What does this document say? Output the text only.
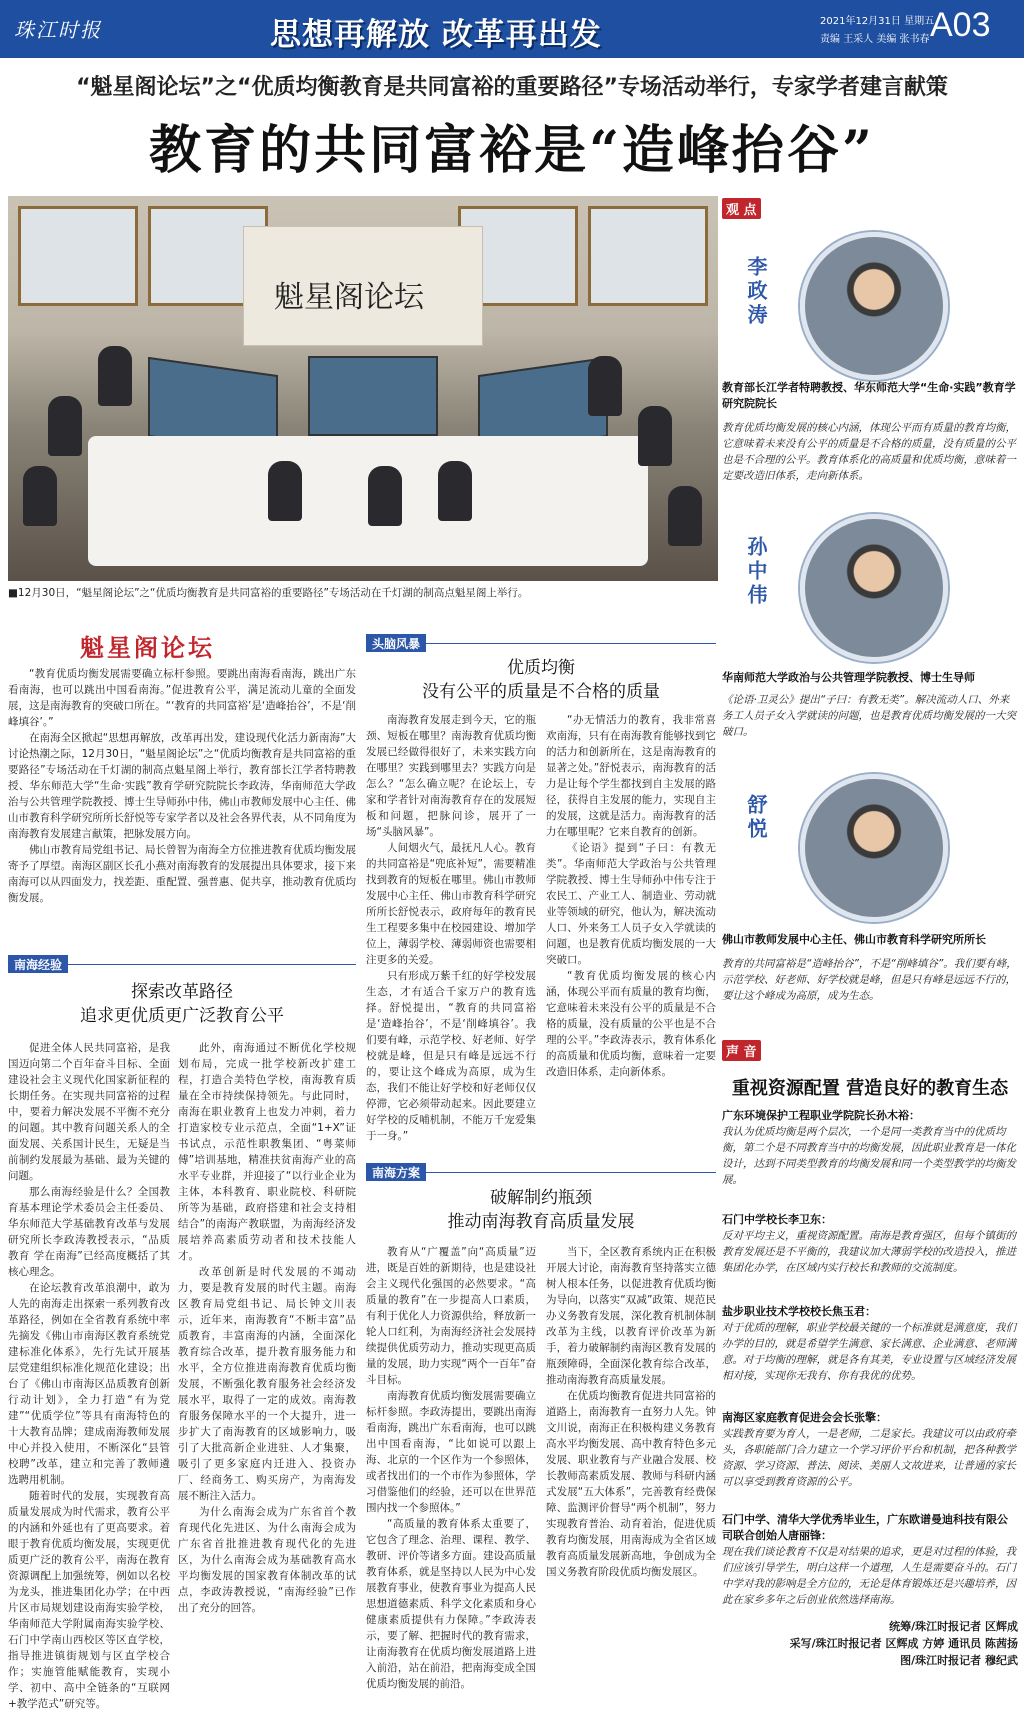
珠江时报	思想再解放 改革再出发	2021年12月31日 星期五
责编 王采人 美编 张书春 A03
“魁星阁论坛”之“优质均衡教育是共同富裕的重要路径”专场活动举行，专家学者建言献策
教育的共同富裕是“造峰抬谷”
魁星阁论坛
■12月30日，“魁星阁论坛”之“优质均衡教育是共同富裕的重要路径”专场活动在千灯湖的制高点魁星阁上举行。
观 点
李政涛
教育部长江学者特聘教授、华东师范大学“生命·实践”教育学研究院院长
教育优质均衡发展的核心内涵，体现公平而有质量的教育均衡，它意味着未来没有公平的质量是不合格的质量，没有质量的公平也是不合理的公平。教育体系化的高质量和优质均衡，意味着一定要改造旧体系，走向新体系。
孙中伟
华南师范大学政治与公共管理学院教授、博士生导师
《论语·卫灵公》提出“子曰：有教无类”。解决流动人口、外来务工人员子女入学就读的问题，也是教育优质均衡发展的一大突破口。
舒悦
佛山市教师发展中心主任、佛山市教育科学研究所所长
教育的共同富裕是“造峰抬谷”，不是“削峰填谷”。我们要有峰，示范学校、好老师、好学校就是峰，但是只有峰是远远不行的，要让这个峰成为高原，成为生态。
声 音
重视资源配置 营造良好的教育生态
广东环境保护工程职业学院院长孙木裕：
我认为优质均衡是两个层次，一个是同一类教育当中的优质均衡，第二个是不同教育当中的均衡发展，因此职业教育是一体化设计，达到不同类型教育的均衡发展和同一个类型教学的均衡发展。
石门中学校长李卫东：
反对平均主义，重视资源配置。南海是教育强区，但每个镇街的教育发展还是不平衡的，我建议加大薄弱学校的改造投入，推进集团化办学，在区域内实行校长和教师的交流制度。
盐步职业技术学校校长焦玉君：
对于优质的理解，职业学校最关键的一个标准就是满意度，我们办学的目的，就是希望学生满意、家长满意、企业满意、老师满意。对于均衡的理解，就是各有其美，专业设置与区域经济发展相对接，实现你无我有、你有我优的优势。
南海区家庭教育促进会会长张擎：
实践教育要为育人，一是老师，二是家长。我建议可以由政府牵头，各职能部门合力建立一个学习评价平台和机制，把各种教学资源、学习资源、普法、阅读、美丽人文故进来，让普通的家长可以享受到教育资源的公平。
石门中学、清华大学优秀毕业生，广东欧谱曼迪科技有限公司联合创始人唐丽锋：
现在我们谈论教育不仅是对结果的追求，更是对过程的体验，我们应该引导学生，明白这样一个道理，人生是需要奋斗的。石门中学对我的影响是全方位的，无论是体育锻炼还是兴趣培养，因此在家乡多年之后创业依然选择南海。
统筹/珠江时报记者 区辉成
采写/珠江时报记者 区辉成 方婷 通讯员 陈茜扬
图/珠江时报记者 穆纪武
魁星阁论坛

“教育优质均衡发展需要确立标杆参照。要跳出南海看南海，跳出广东看南海，也可以跳出中国看南海。”促进教育公平，满足流动儿童的全面发展，这是南海教育的突破口所在。“‘教育的共同富裕’是‘造峰抬谷’，不是‘削峰填谷’。”

在南海全区掀起“思想再解放，改革再出发，建设现代化活力新南海”大讨论热潮之际，12月30日，“魁星阁论坛”之“优质均衡教育是共同富裕的重要路径”专场活动在千灯湖的制高点魁星阁上举行，教育部长江学者特聘教授、华东师范大学“生命·实践”教育学研究院院长李政涛，华南师范大学政治与公共管理学院教授、博士生导师孙中伟，佛山市教师发展中心主任、佛山市教育科学研究所所长舒悦等专家学者以及社会各界代表，从不同角度为南海教育发展建言献策，把脉发展方向。

佛山市教育局党组书记、局长曾智为南海全方位推进教育优质均衡发展寄予了厚望。南海区副区长孔小燕对南海教育的发展提出具体要求，接下来南海可以从四面发力，找差距、重配置、强普惠、促共享，推动教育优质均衡发展。

南海经验
探索改革路径
追求更优质更广泛教育公平

促进全体人民共同富裕，是我国迈向第二个百年奋斗目标、全面建设社会主义现代化国家新征程的长期任务。在实现共同富裕的过程中，要着力解决发展不平衡不充分的问题。其中教育问题关系人的全面发展、关系国计民生，无疑是当前制约发展最为基础、最为关键的问题。

那么南海经验是什么？全国教育基本理论学术委员会主任委员、华东师范大学基础教育改革与发展研究所长李政涛教授表示，“品质教育 学在南海”已经高度概括了其核心理念。

在论坛教育改革浪潮中，敢为人先的南海走出探索一系列教育改革路径，例如在全省教育系统中率先摘发《佛山市南海区教育系统党建标准化体系》，先行先试开展基层党建组织标准化规范化建设；出台了《佛山市南海区品质教育创新行动计划》，全力打造“有为党建”“优质学位”等具有南海特色的十大教育品牌；建成南海教师发展中心并投入使用，不断深化“县管校聘”改革，建立和完善了教师遴选聘用机制。

随着时代的发展，实现教育高质量发展成为时代需求，教育公平的内涵和外延也有了更高要求。着眼于教育优质均衡发展，实现更优质更广泛的教育公平，南海在教育资源调配上加强统筹，例如以名校为龙头，推进集团化办学；在中西片区市局规划建设南海实验学校，华南师范大学附属南海实验学校、石门中学南山西校区等区直学校，指导推进镇街规划与区直学校合作；实施管能赋能教育，实现小学、初中、高中全链条的“互联网+教学范式”研究等。

此外，南海通过不断优化学校规划布局，完成一批学校新改扩建工程，打造合美特色学校，南海教育质量在全市持续保持领先。与此同时，南海在职业教育上也发力冲刺，着力打造家校专业示范点，全面“1+X”证书试点，示范性职教集团、“粤菜师傅”培训基地，精准扶贫南海产业的高水平专业群，并迎接了“以行业企业为主体，本科教育、职业院校、科研院所等为基础，政府搭建和社会支持相结合”的南海产教联盟，为南海经济发展培养高素质劳动者和技术技能人才。

改革创新是时代发展的不竭动力，要是教育发展的时代主题。南海区教育局党组书记、局长钟文川表示，近年来，南海教育“不断丰富”品质教育，丰富南海的内涵，全面深化教育综合改革，提升教育服务能力和水平，全方位推进南海教育优质均衡发展，不断强化教育服务社会经济发展水平，取得了一定的成效。南海教育服务保障水平的一个大提升，进一步扩大了南海教育的区域影响力，吸引了大批高新企业进驻、人才集聚，吸引了更多家庭内迁进入、投资办厂、经商务工、购买房产，为南海发展不断注入活力。

为什么南海会成为广东省首个教育现代化先进区、为什么南海会成为广东省首批推进教育现代化的先进区，为什么南海会成为基础教育高水平均衡发展的国家教育体制改革的试点，李政涛教授说，“南海经验”已作出了充分的回答。

头脑风暴
优质均衡
没有公平的质量是不合格的质量

南海教育发展走到今天，它的瓶颈、短板在哪里？南海教育优质均衡发展已经做得很好了，未来实践方向在哪里？实践到哪里去？实践方向是怎么？“怎么确立呢？在论坛上，专家和学者针对南海教育存在的发展短板和问题，把脉问诊，展开了一场“头脑风暴”。

人间烟火气，最抚凡人心。教育的共同富裕是“兜底补短”，需要精准找到教育的短板在哪里。佛山市教师发展中心主任、佛山市教育科学研究所所长舒悦表示，政府每年的教育民生工程要多集中在校园建设、增加学位上，薄弱学校、薄弱师资也需要相注更多的关爱。

只有形成万紫千红的好学校发展生态，才有适合千家万户的教育选择。舒悦提出，“教育的共同富裕是‘造峰抬谷’，不是‘削峰填谷’。我们要有峰，示范学校、好老师、好学校就是峰，但是只有峰是远远不行的，要让这个峰成为高原，成为生态，我们不能让好学校和好老师仅仅停滞，它必须带动起来。因此要建立好学校的反哺机制，不能万千宠爱集于一身。”

“办无情活力的教育，我非常喜欢南海，只有在南海教育能够找到它的活力和创新所在，这是南海教育的显著之处。”舒悦表示，南海教育的活力是让每个学生都找到自主发展的路径，获得自主发展的能力，实现自主的发展，这就是活力。南海教育的活力在哪里呢？它来自教育的创新。

《论语》提到“子曰：有教无类”。华南师范大学政治与公共管理学院教授、博士生导师孙中伟专注于农民工、产业工人、制造业、劳动就业等领域的研究，他认为，解决流动人口、外来务工人员子女入学就读的问题，也是教育优质均衡发展的一大突破口。

“教育优质均衡发展的核心内涵，体现公平而有质量的教育均衡，它意味着未来没有公平的质量是不合格的质量，没有质量的公平也是不合理的公平。”李政涛表示，教育体系化的高质量和优质均衡，意味着一定要改造旧体系，走向新体系。

南海方案
破解制约瓶颈
推动南海教育高质量发展

教育从“广覆盖”向“高质量”迈进，既是百姓的新期待，也是建设社会主义现代化强国的必然要求。“高质量的教育”在一步提高人口素质，有利于优化人力资源供给，释放新一轮人口红利，为南海经济社会发展持续提供优质劳动力，推动实现更高质量的发展，助力实现“两个一百年”奋斗目标。

南海教育优质均衡发展需要确立标杆参照。李政涛提出，要跳出南海看南海，跳出广东看南海，也可以跳出中国看南海，“比如说可以跟上海、北京的一个区作为一个参照体，或者找出们的一个市作为参照体，学习借鉴他们的经验，还可以在世界范围内找一个参照体。”

“高质量的教育体系太重要了，它包含了理念、治理、课程、教学、教研、评价等诸多方面。建设高质量教育体系，就是坚持以人民为中心发展教育事业，使教育事业为提高人民思想道德素质、科学文化素质和身心健康素质提供有力保障。”李政涛表示，要了解、把握时代的教育需求，让南海教育在优质均衡发展道路上进入前沿，站在前沿，把南海变成全国优质均衡发展的前沿。

当下，全区教育系统内正在积极开展大讨论，南海教育坚持落实立德树人根本任务，以促进教育优质均衡为导向，以落实“双减”政策、规范民办义务教育发展，深化教育机制体制改革为主线，以教育评价改革为新手，着力破解制约南海区教育发展的瓶颈障碍，全面深化教育综合改革，推动南海教育高质量发展。

在优质均衡教育促进共同富裕的道路上，南海教育一直努力人先。钟文川说，南海正在积极构建义务教育高水平均衡发展、高中教育特色多元发展、职业教育与产业融合发展、校长教师高素质发展、教师与科研内涵式发展“五大体系”，完善教育经费保障、监测评价督导“两个机制”，努力实现教育普治、动育着治，促进优质教育均衡发展，用南海成为全省区域教育高质量发展新高地，争创成为全国义务教育阶段优质均衡发展区。
